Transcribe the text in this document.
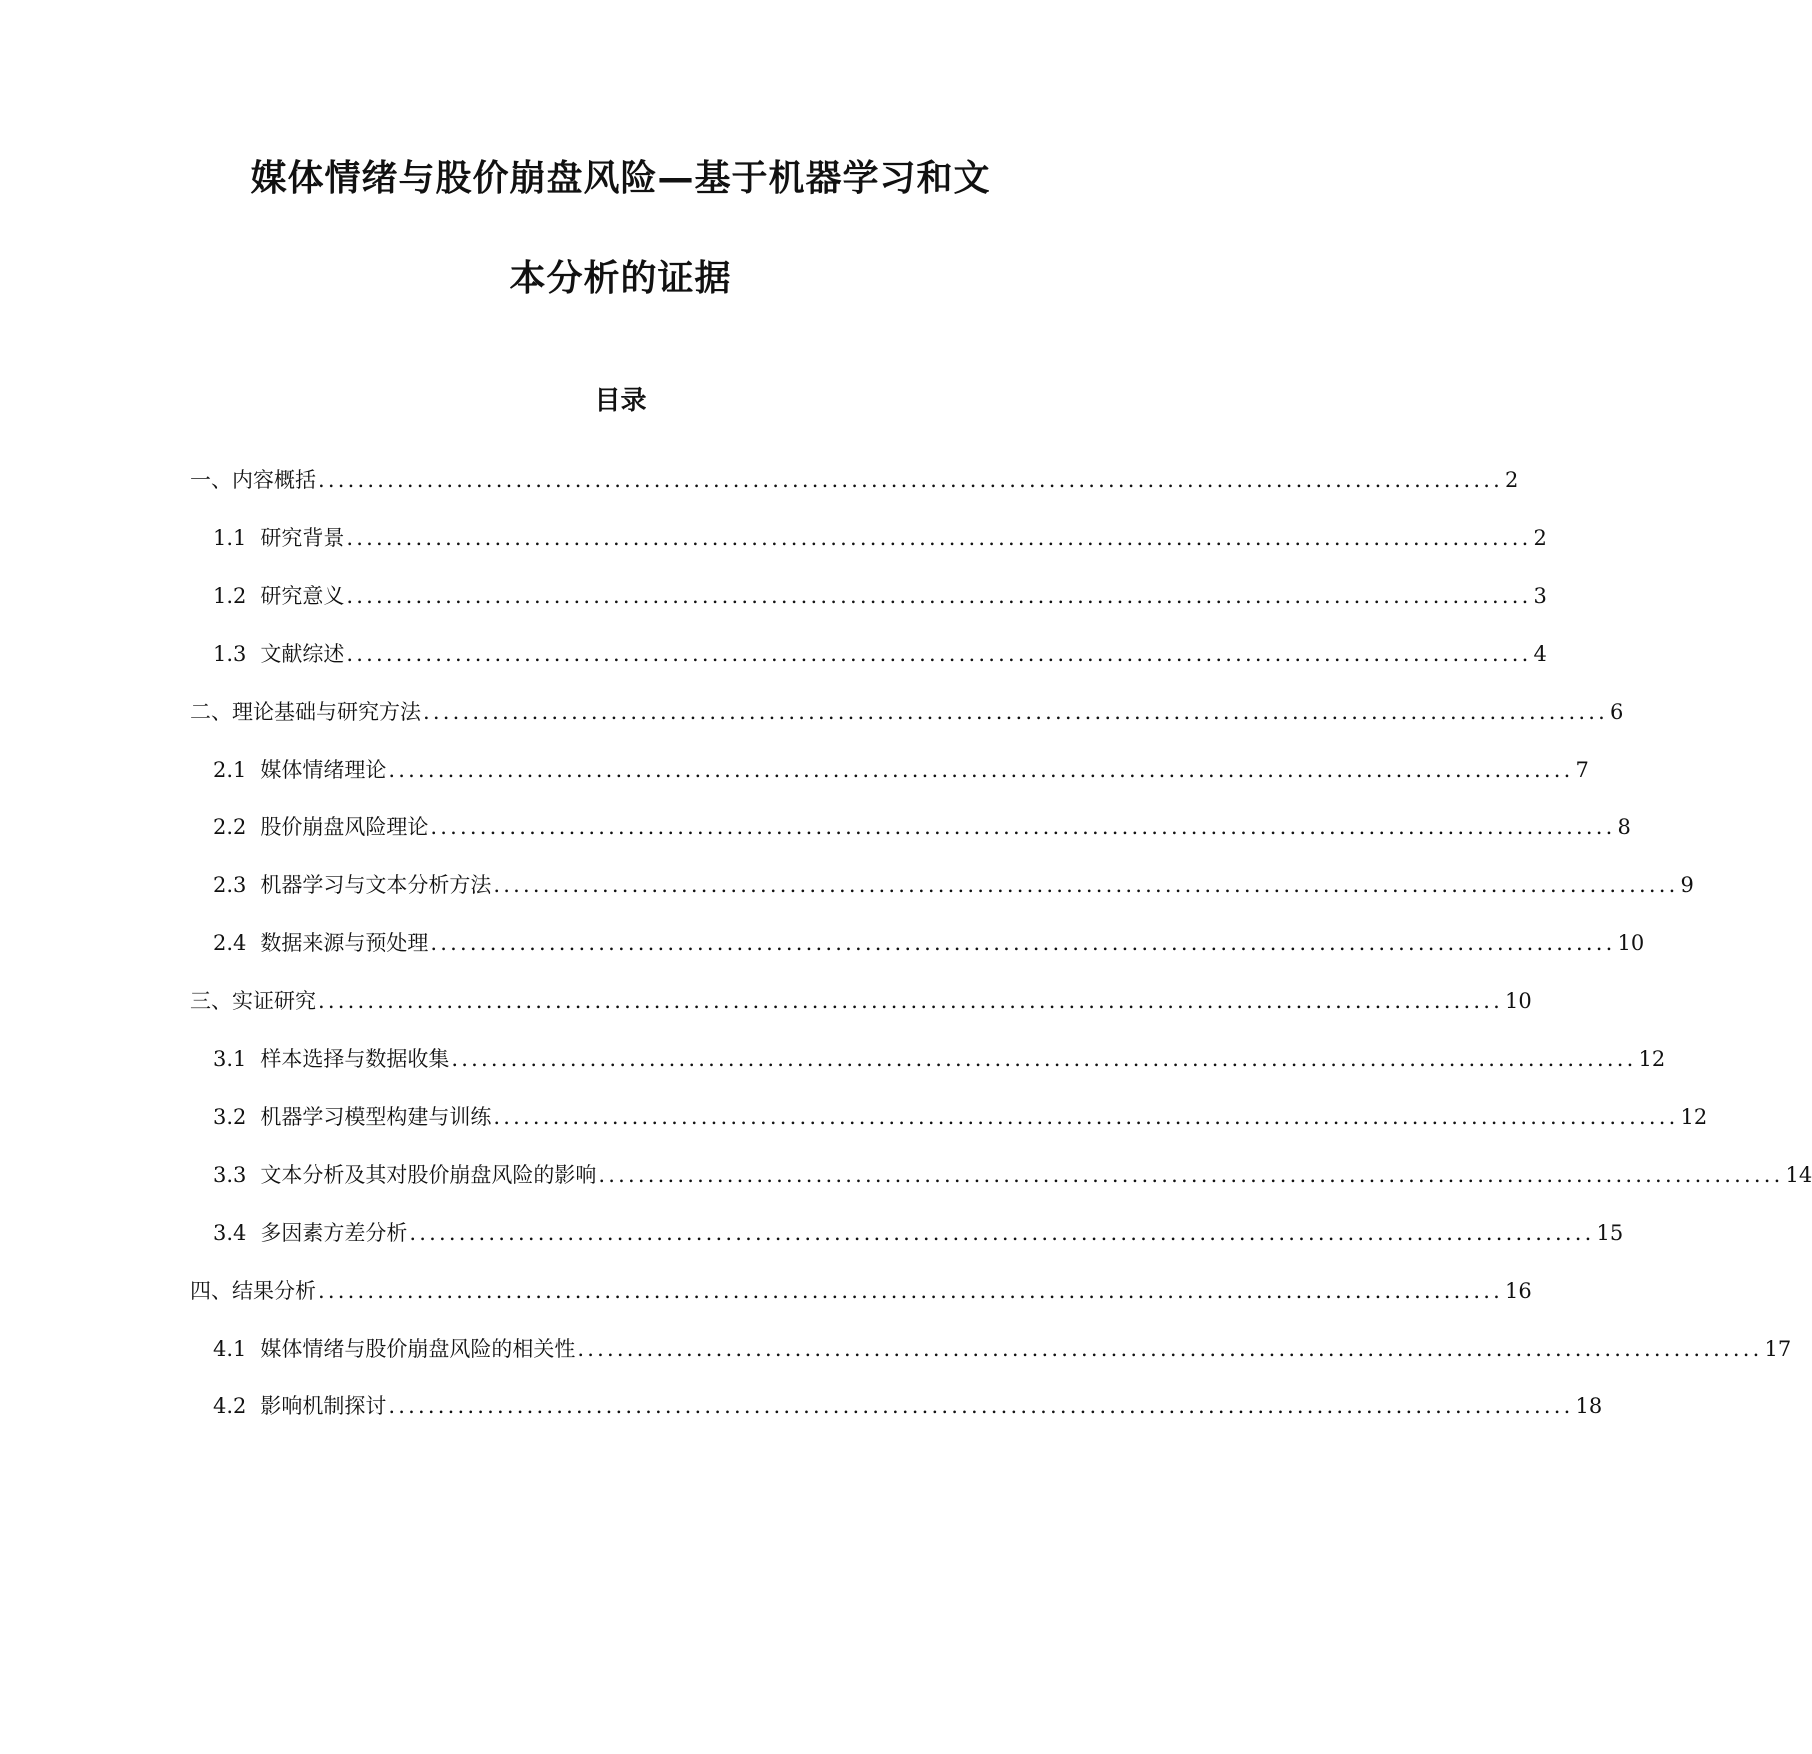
媒体情绪与股价崩盘风险—基于机器学习和文
本分析的证据
目录
一、内容概括 ........................................................................................................................ 2
1.1 研究背景 ........................................................................................................................ 2
1.2 研究意义 ........................................................................................................................ 3
1.3 文献综述 ........................................................................................................................ 4
二、理论基础与研究方法 ........................................................................................................................ 6
2.1 媒体情绪理论 ........................................................................................................................ 7
2.2 股价崩盘风险理论 ........................................................................................................................ 8
2.3 机器学习与文本分析方法 ........................................................................................................................ 9
2.4 数据来源与预处理 ........................................................................................................................ 10
三、实证研究 ........................................................................................................................ 10
3.1 样本选择与数据收集 ........................................................................................................................ 12
3.2 机器学习模型构建与训练 ........................................................................................................................ 12
3.3 文本分析及其对股价崩盘风险的影响 ........................................................................................................................ 14
3.4 多因素方差分析 ........................................................................................................................ 15
四、结果分析 ........................................................................................................................ 16
4.1 媒体情绪与股价崩盘风险的相关性 ........................................................................................................................ 17
4.2 影响机制探讨 ........................................................................................................................ 18
